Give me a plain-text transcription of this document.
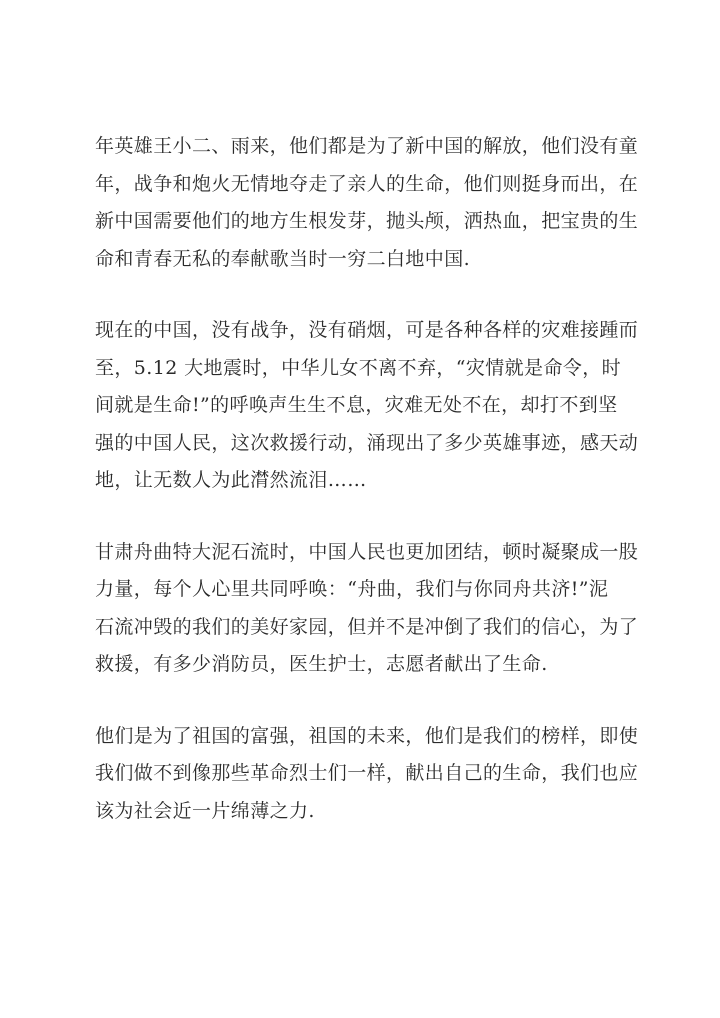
年英雄王小二、雨来，他们都是为了新中国的解放，他们没有童
年，战争和炮火无情地夺走了亲人的生命，他们则挺身而出，在
新中国需要他们的地方生根发芽，抛头颅，洒热血，把宝贵的生
命和青春无私的奉献歌当时一穷二白地中国.

现在的中国，没有战争，没有硝烟，可是各种各样的灾难接踵而
至，5.12 大地震时，中华儿女不离不弃，“灾情就是命令，时
间就是生命!”的呼唤声生生不息，灾难无处不在，却打不到坚
强的中国人民，这次救援行动，涌现出了多少英雄事迹，感天动
地，让无数人为此潸然流泪……

甘肃舟曲特大泥石流时，中国人民也更加团结，顿时凝聚成一股
力量，每个人心里共同呼唤：“舟曲，我们与你同舟共济!”泥
石流冲毁的我们的美好家园，但并不是冲倒了我们的信心，为了
救援，有多少消防员，医生护士，志愿者献出了生命.

他们是为了祖国的富强，祖国的未来，他们是我们的榜样，即使
我们做不到像那些革命烈士们一样，献出自己的生命，我们也应
该为社会近一片绵薄之力.
